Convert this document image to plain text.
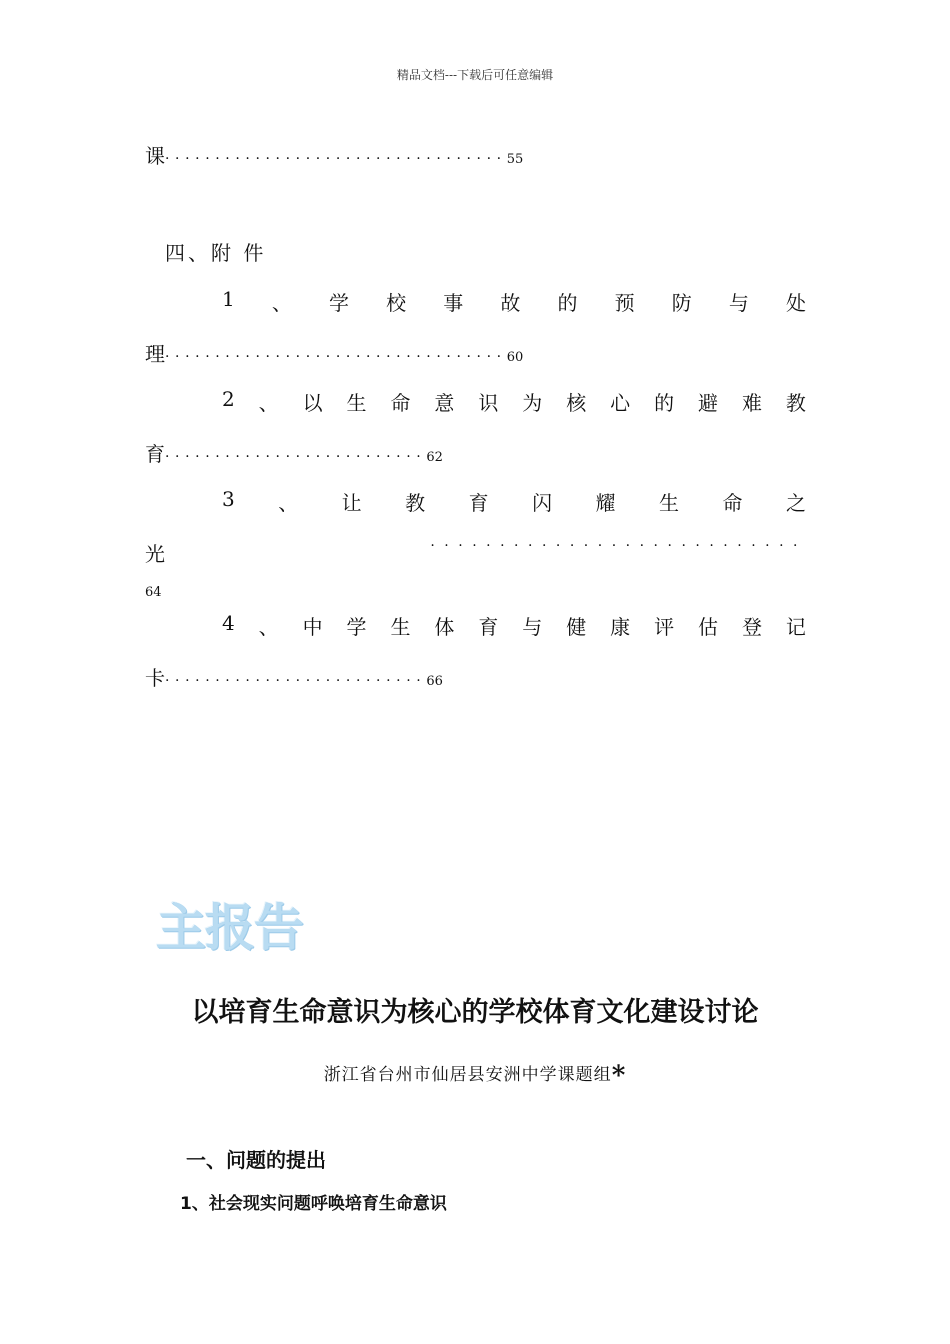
精品文档---下载后可任意编辑
课··································55
四、附 件
1 、 学 校 事 故 的 预 防 与 处
理··································60
2 、 以 生 命 意 识 为 核 心 的 避 难 教
育··························62
3 、 让 教 育 闪 耀 生 命 之
光	···························
64
4 、 中 学 生 体 育 与 健 康 评 估 登 记
卡··························66
主报告
以培育生命意识为核心的学校体育文化建设讨论
浙江省台州市仙居县安洲中学课题组*
一、问题的提出
1、社会现实问题呼唤培育生命意识
